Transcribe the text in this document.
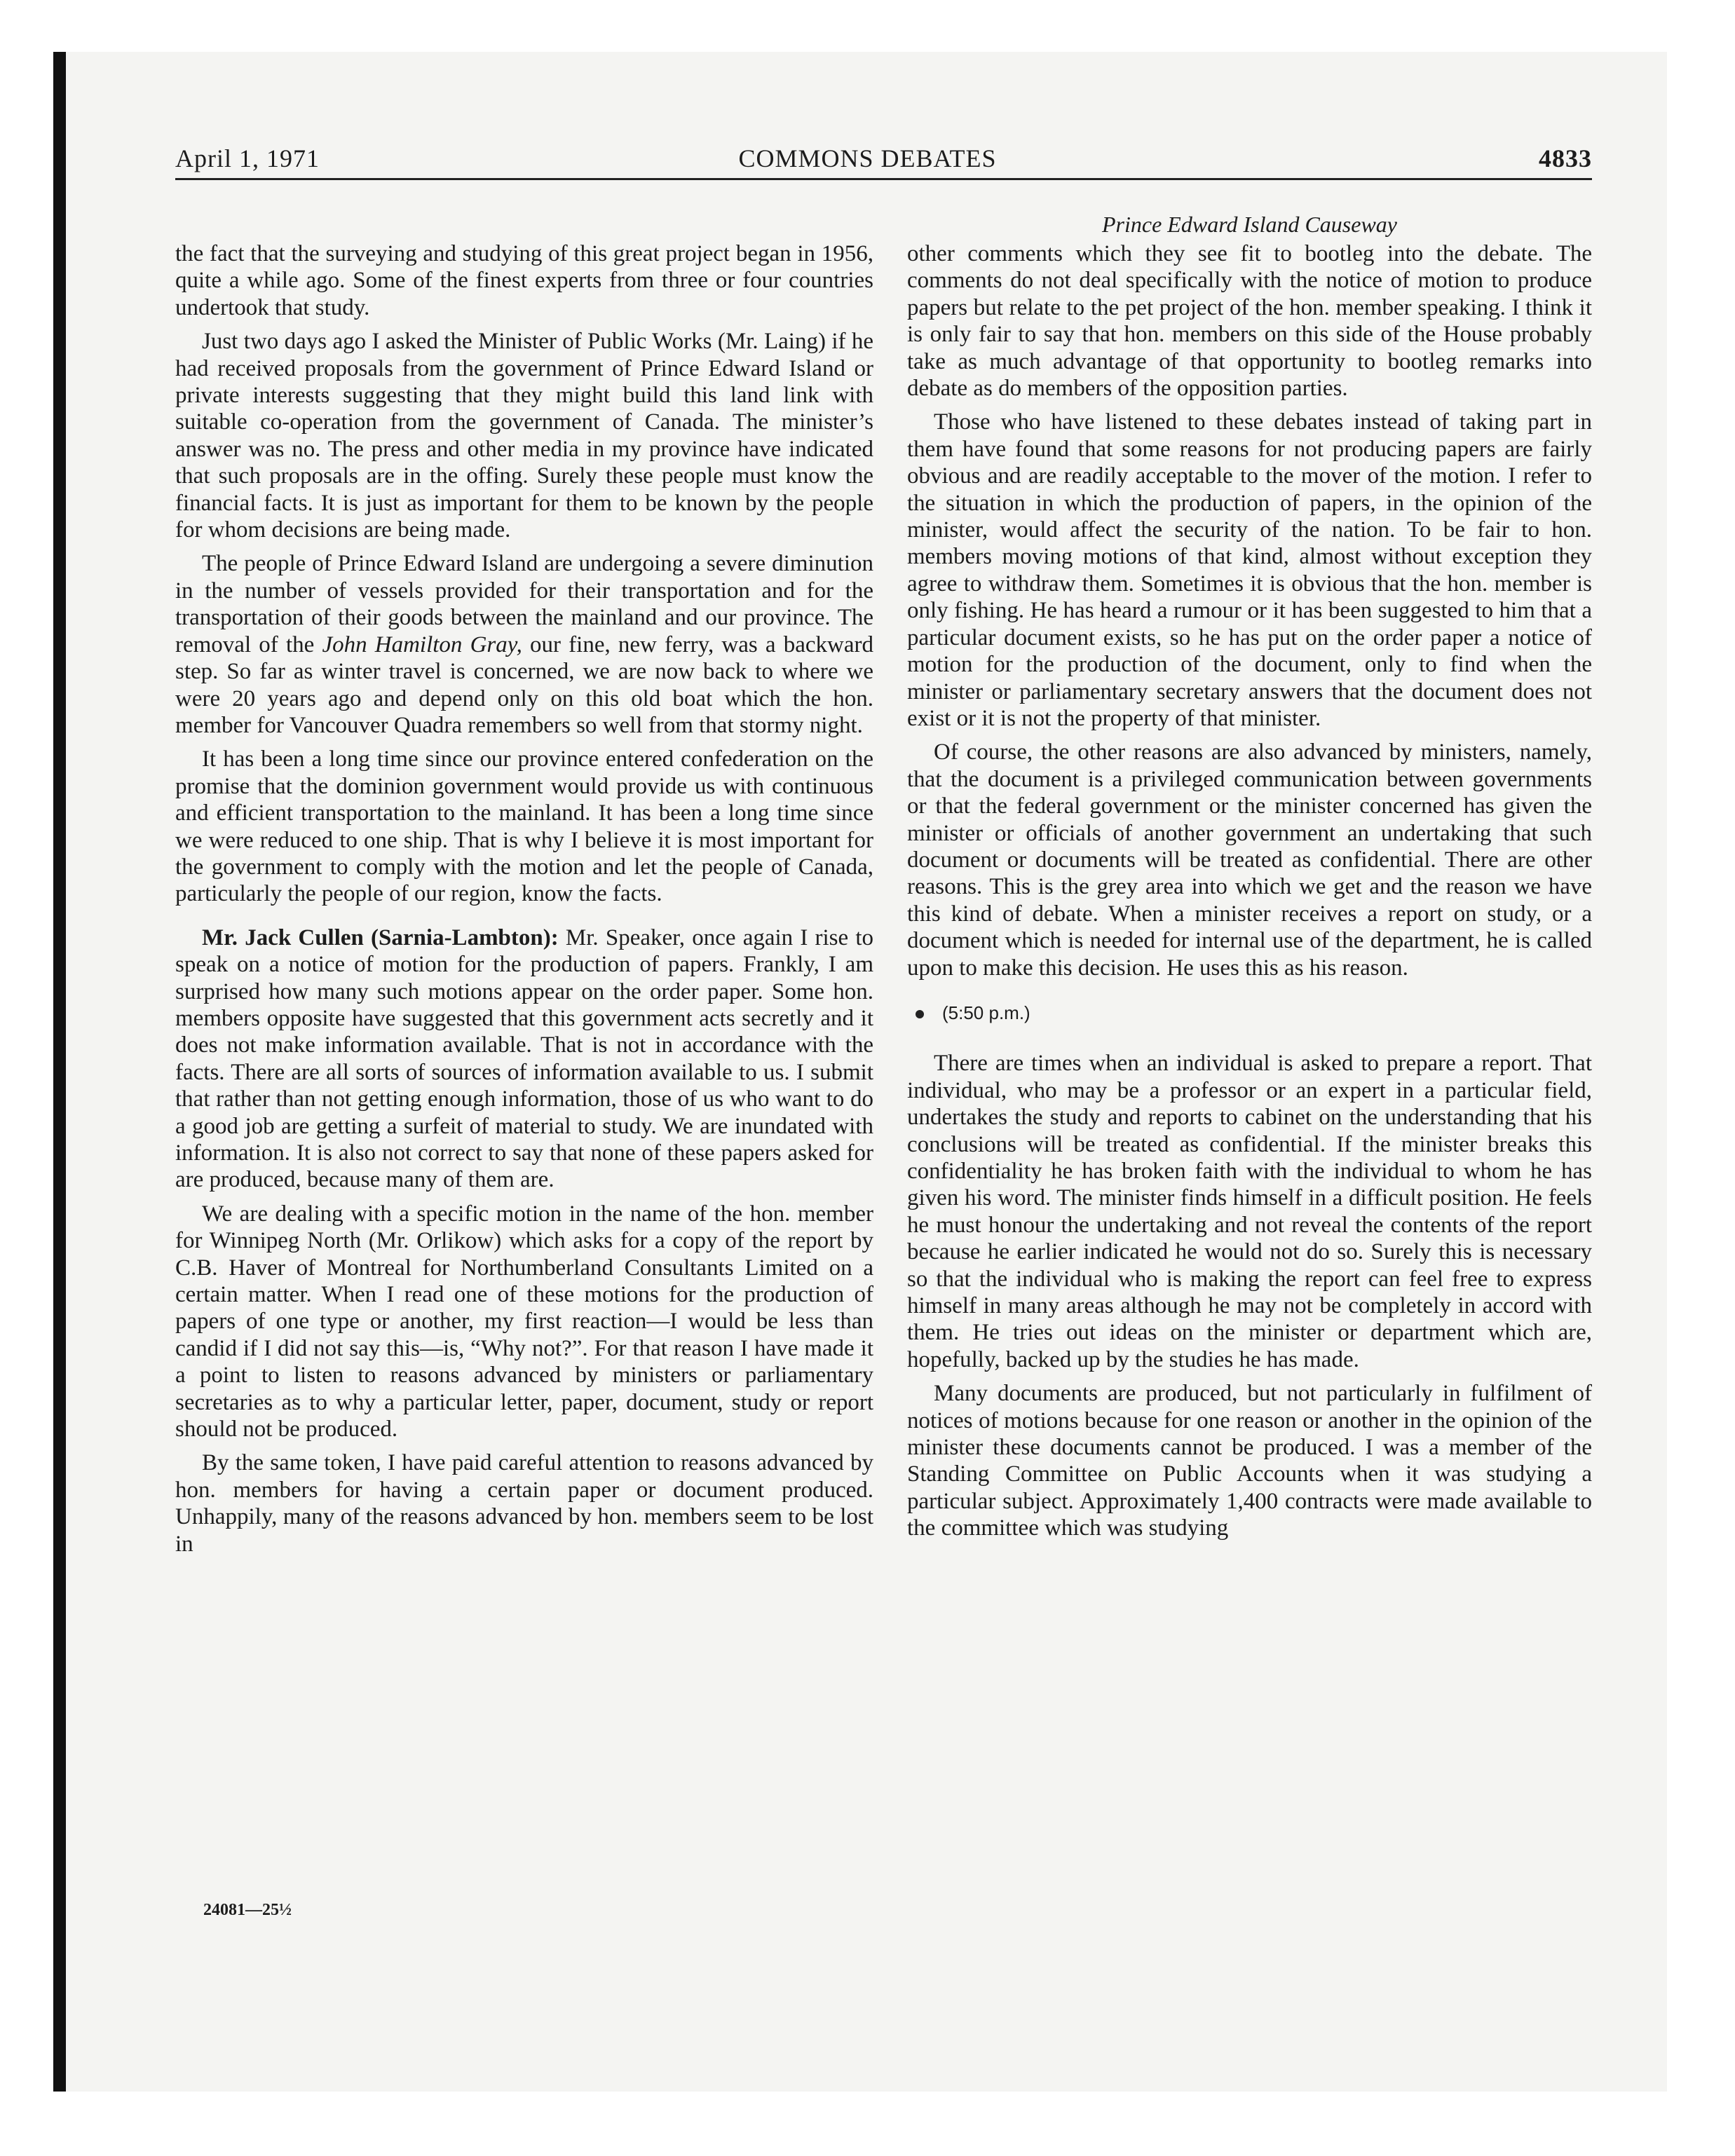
April 1, 1971	COMMONS DEBATES	4833
Prince Edward Island Causeway

the fact that the surveying and studying of this great project began in 1956, quite a while ago. Some of the finest experts from three or four countries undertook that study.

Just two days ago I asked the Minister of Public Works (Mr. Laing) if he had received proposals from the government of Prince Edward Island or private interests suggesting that they might build this land link with suitable co-operation from the government of Canada. The minister’s answer was no. The press and other media in my province have indicated that such proposals are in the offing. Surely these people must know the financial facts. It is just as important for them to be known by the people for whom decisions are being made.

The people of Prince Edward Island are undergoing a severe diminution in the number of vessels provided for their transportation and for the transportation of their goods between the mainland and our province. The removal of the John Hamilton Gray, our fine, new ferry, was a backward step. So far as winter travel is concerned, we are now back to where we were 20 years ago and depend only on this old boat which the hon. member for Vancouver Quadra remembers so well from that stormy night.

It has been a long time since our province entered confederation on the promise that the dominion government would provide us with continuous and efficient transportation to the mainland. It has been a long time since we were reduced to one ship. That is why I believe it is most important for the government to comply with the motion and let the people of Canada, particularly the people of our region, know the facts.

Mr. Jack Cullen (Sarnia-Lambton): Mr. Speaker, once again I rise to speak on a notice of motion for the production of papers. Frankly, I am surprised how many such motions appear on the order paper. Some hon. members opposite have suggested that this government acts secretly and it does not make information available. That is not in accordance with the facts. There are all sorts of sources of information available to us. I submit that rather than not getting enough information, those of us who want to do a good job are getting a surfeit of material to study. We are inundated with information. It is also not correct to say that none of these papers asked for are produced, because many of them are.

We are dealing with a specific motion in the name of the hon. member for Winnipeg North (Mr. Orlikow) which asks for a copy of the report by C.B. Haver of Montreal for Northumberland Consultants Limited on a certain matter. When I read one of these motions for the production of papers of one type or another, my first reaction—I would be less than candid if I did not say this—is, “Why not?”. For that reason I have made it a point to listen to reasons advanced by ministers or parliamentary secretaries as to why a particular letter, paper, document, study or report should not be produced.

By the same token, I have paid careful attention to reasons advanced by hon. members for having a certain paper or document produced. Unhappily, many of the reasons advanced by hon. members seem to be lost in

other comments which they see fit to bootleg into the debate. The comments do not deal specifically with the notice of motion to produce papers but relate to the pet project of the hon. member speaking. I think it is only fair to say that hon. members on this side of the House probably take as much advantage of that opportunity to bootleg remarks into debate as do members of the opposition parties.

Those who have listened to these debates instead of taking part in them have found that some reasons for not producing papers are fairly obvious and are readily acceptable to the mover of the motion. I refer to the situation in which the production of papers, in the opinion of the minister, would affect the security of the nation. To be fair to hon. members moving motions of that kind, almost without exception they agree to withdraw them. Sometimes it is obvious that the hon. member is only fishing. He has heard a rumour or it has been suggested to him that a particular document exists, so he has put on the order paper a notice of motion for the production of the document, only to find when the minister or parliamentary secretary answers that the document does not exist or it is not the property of that minister.

Of course, the other reasons are also advanced by ministers, namely, that the document is a privileged communication between governments or that the federal government or the minister concerned has given the minister or officials of another government an undertaking that such document or documents will be treated as confidential. There are other reasons. This is the grey area into which we get and the reason we have this kind of debate. When a minister receives a report on study, or a document which is needed for internal use of the department, he is called upon to make this decision. He uses this as his reason.

(5:50 p.m.)

There are times when an individual is asked to prepare a report. That individual, who may be a professor or an expert in a particular field, undertakes the study and reports to cabinet on the understanding that his conclusions will be treated as confidential. If the minister breaks this confidentiality he has broken faith with the individual to whom he has given his word. The minister finds himself in a difficult position. He feels he must honour the undertaking and not reveal the contents of the report because he earlier indicated he would not do so. Surely this is necessary so that the individual who is making the report can feel free to express himself in many areas although he may not be completely in accord with them. He tries out ideas on the minister or department which are, hopefully, backed up by the studies he has made.

Many documents are produced, but not particularly in fulfilment of notices of motions because for one reason or another in the opinion of the minister these documents cannot be produced. I was a member of the Standing Committee on Public Accounts when it was studying a particular subject. Approximately 1,400 contracts were made available to the committee which was studying

24081—25½
